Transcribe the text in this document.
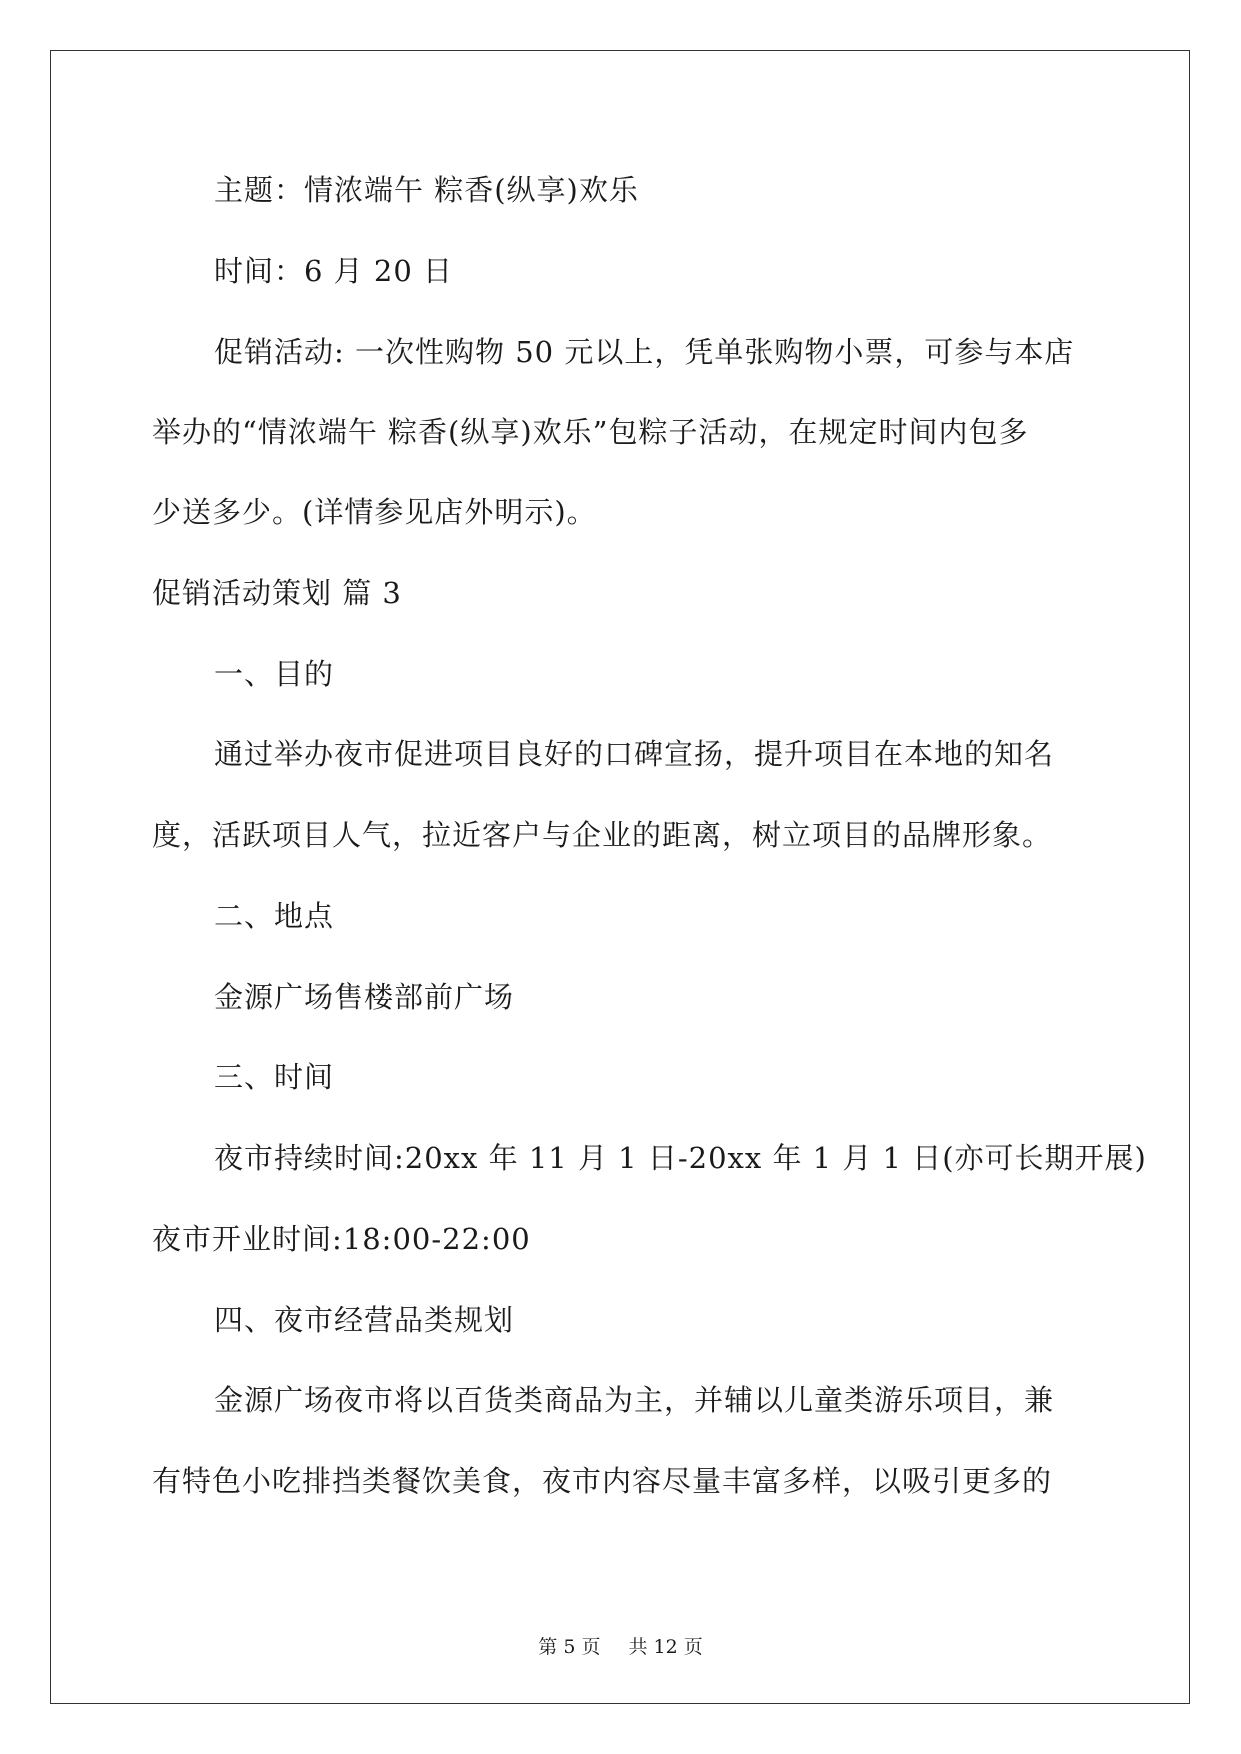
主题：情浓端午 粽香(纵享)欢乐
时间：6 月 20 日
促销活动: 一次性购物 50 元以上，凭单张购物小票，可参与本店
举办的“情浓端午 粽香(纵享)欢乐”包粽子活动，在规定时间内包多
少送多少。(详情参见店外明示)。
促销活动策划 篇 3
一、目的
通过举办夜市促进项目良好的口碑宣扬，提升项目在本地的知名
度，活跃项目人气，拉近客户与企业的距离，树立项目的品牌形象。
二、地点
金源广场售楼部前广场
三、时间
夜市持续时间:20xx 年 11 月 1 日-20xx 年 1 月 1 日(亦可长期开展)
夜市开业时间:18:00-22:00
四、夜市经营品类规划
金源广场夜市将以百货类商品为主，并辅以儿童类游乐项目，兼
有特色小吃排挡类餐饮美食，夜市内容尽量丰富多样，以吸引更多的
第 5 页 共 12 页
